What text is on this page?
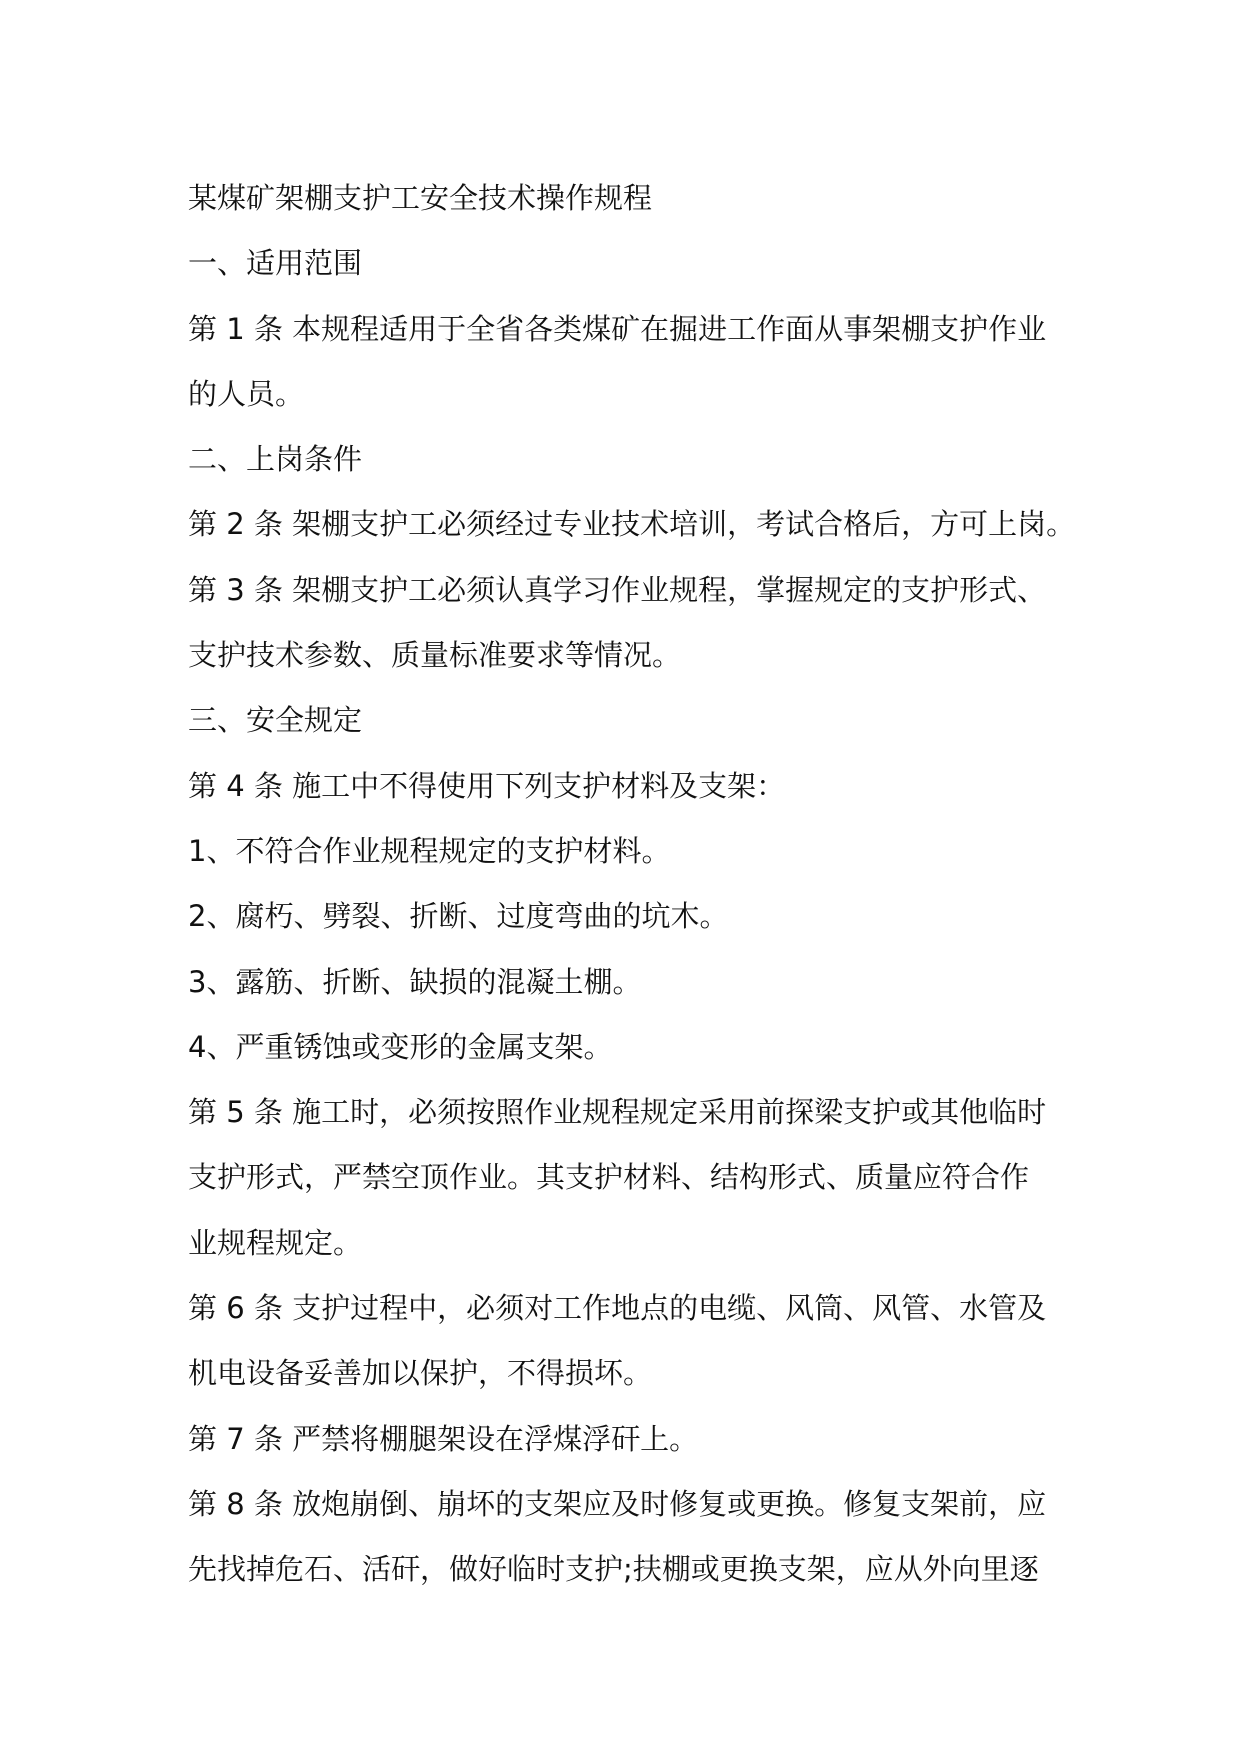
某煤矿架棚支护工安全技术操作规程
一、适用范围
第 1 条 本规程适用于全省各类煤矿在掘进工作面从事架棚支护作业
的人员。
二、上岗条件
第 2 条 架棚支护工必须经过专业技术培训，考试合格后，方可上岗。
第 3 条 架棚支护工必须认真学习作业规程，掌握规定的支护形式、
支护技术参数、质量标准要求等情况。
三、安全规定
第 4 条 施工中不得使用下列支护材料及支架：
1、不符合作业规程规定的支护材料。
2、腐朽、劈裂、折断、过度弯曲的坑木。
3、露筋、折断、缺损的混凝土棚。
4、严重锈蚀或变形的金属支架。
第 5 条 施工时，必须按照作业规程规定采用前探梁支护或其他临时
支护形式，严禁空顶作业。其支护材料、结构形式、质量应符合作
业规程规定。
第 6 条 支护过程中，必须对工作地点的电缆、风筒、风管、水管及
机电设备妥善加以保护，不得损坏。
第 7 条 严禁将棚腿架设在浮煤浮矸上。
第 8 条 放炮崩倒、崩坏的支架应及时修复或更换。修复支架前，应
先找掉危石、活矸，做好临时支护;扶棚或更换支架，应从外向里逐
